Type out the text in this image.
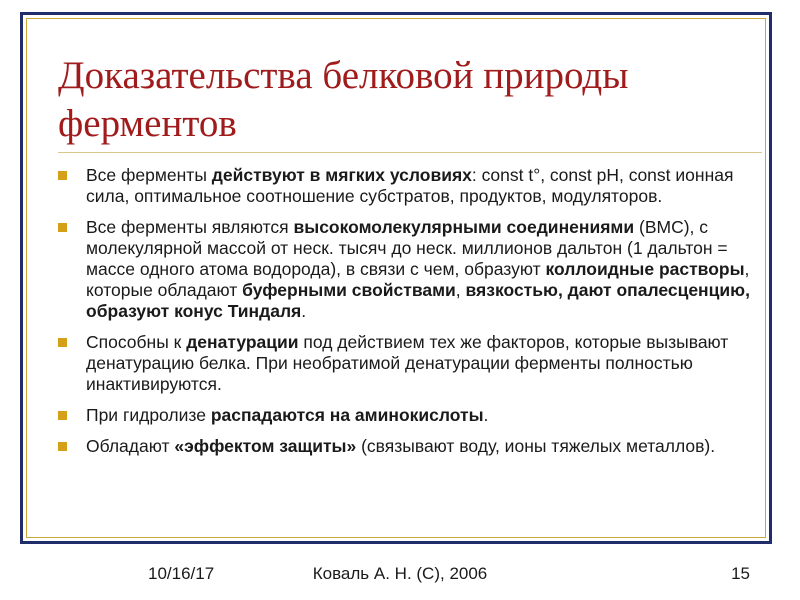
Доказательства белковой природы ферментов
Все ферменты действуют в мягких условиях: const t°, const pH, const ионная сила, оптимальное соотношение субстратов, продуктов, модуляторов.
Все ферменты являются высокомолекулярными соединениями (ВМС), с молекулярной массой от неск. тысяч до неск. миллионов дальтон (1 дальтон = массе одного атома водорода), в связи с чем, образуют коллоидные растворы, которые обладают буферными свойствами, вязкостью, дают опалесценцию, образуют конус Тиндаля.
Способны к денатурации под действием тех же факторов, которые вызывают денатурацию белка. При необратимой денатурации ферменты полностью инактивируются.
При гидролизе распадаются на аминокислоты.
Обладают «эффектом защиты» (связывают воду, ионы тяжелых металлов).
10/16/17	Коваль А. Н. (С), 2006	15
